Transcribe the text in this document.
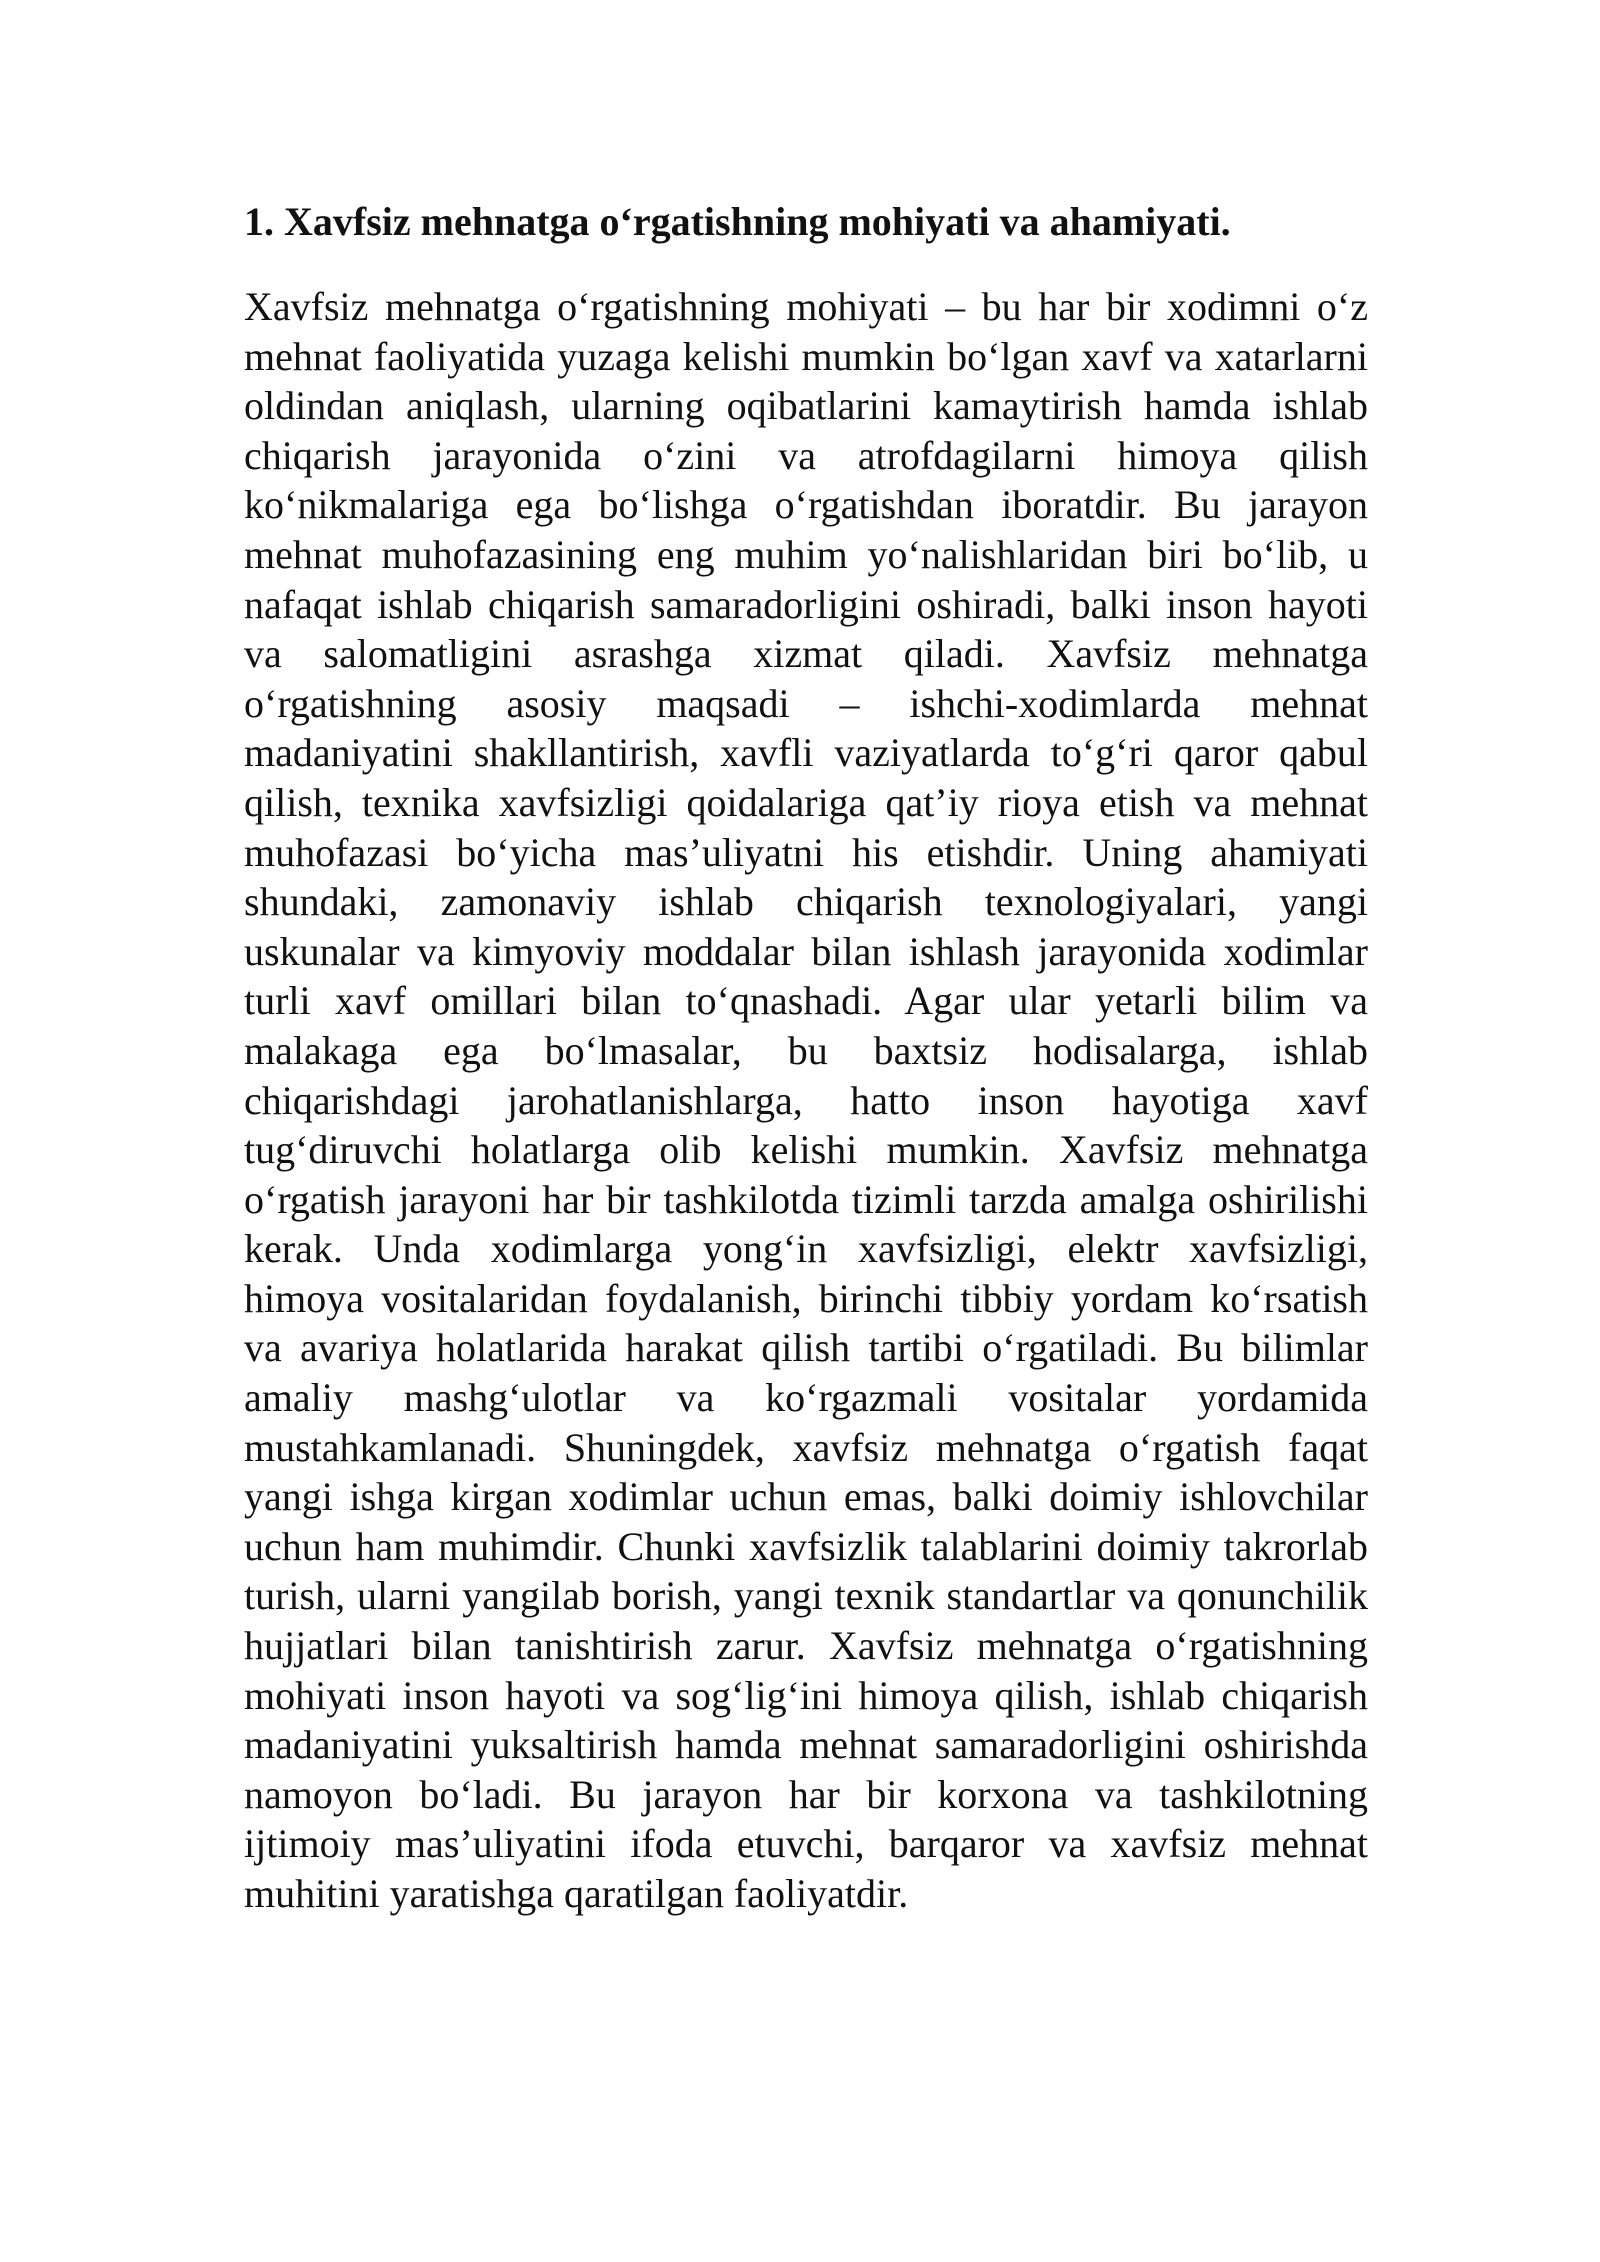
1. Xavfsiz mehnatga o‘rgatishning mohiyati va ahamiyati.

Xavfsiz mehnatga o‘rgatishning mohiyati – bu har bir xodimni o‘z mehnat faoliyatida yuzaga kelishi mumkin bo‘lgan xavf va xatarlarni oldindan aniqlash, ularning oqibatlarini kamaytirish hamda ishlab chiqarish jarayonida o‘zini va atrofdagilarni himoya qilish ko‘nikmalariga ega bo‘lishga o‘rgatishdan iboratdir. Bu jarayon mehnat muhofazasining eng muhim yo‘nalishlaridan biri bo‘lib, u nafaqat ishlab chiqarish samaradorligini oshiradi, balki inson hayoti va salomatligini asrashga xizmat qiladi. Xavfsiz mehnatga o‘rgatishning asosiy maqsadi – ishchi-xodimlarda mehnat madaniyatini shakllantirish, xavfli vaziyatlarda to‘g‘ri qaror qabul qilish, texnika xavfsizligi qoidalariga qat’iy rioya etish va mehnat muhofazasi bo‘yicha mas’uliyatni his etishdir. Uning ahamiyati shundaki, zamonaviy ishlab chiqarish texnologiyalari, yangi uskunalar va kimyoviy moddalar bilan ishlash jarayonida xodimlar turli xavf omillari bilan to‘qnashadi. Agar ular yetarli bilim va malakaga ega bo‘lmasalar, bu baxtsiz hodisalarga, ishlab chiqarishdagi jarohatlanishlarga, hatto inson hayotiga xavf tug‘diruvchi holatlarga olib kelishi mumkin. Xavfsiz mehnatga o‘rgatish jarayoni har bir tashkilotda tizimli tarzda amalga oshirilishi kerak. Unda xodimlarga yong‘in xavfsizligi, elektr xavfsizligi, himoya vositalaridan foydalanish, birinchi tibbiy yordam ko‘rsatish va avariya holatlarida harakat qilish tartibi o‘rgatiladi. Bu bilimlar amaliy mashg‘ulotlar va ko‘rgazmali vositalar yordamida mustahkamlanadi. Shuningdek, xavfsiz mehnatga o‘rgatish faqat yangi ishga kirgan xodimlar uchun emas, balki doimiy ishlovchilar uchun ham muhimdir. Chunki xavfsizlik talablarini doimiy takrorlab turish, ularni yangilab borish, yangi texnik standartlar va qonunchilik hujjatlari bilan tanishtirish zarur. Xavfsiz mehnatga o‘rgatishning mohiyati inson hayoti va sog‘lig‘ini himoya qilish, ishlab chiqarish madaniyatini yuksaltirish hamda mehnat samaradorligini oshirishda namoyon bo‘ladi. Bu jarayon har bir korxona va tashkilotning ijtimoiy mas’uliyatini ifoda etuvchi, barqaror va xavfsiz mehnat muhitini yaratishga qaratilgan faoliyatdir.
